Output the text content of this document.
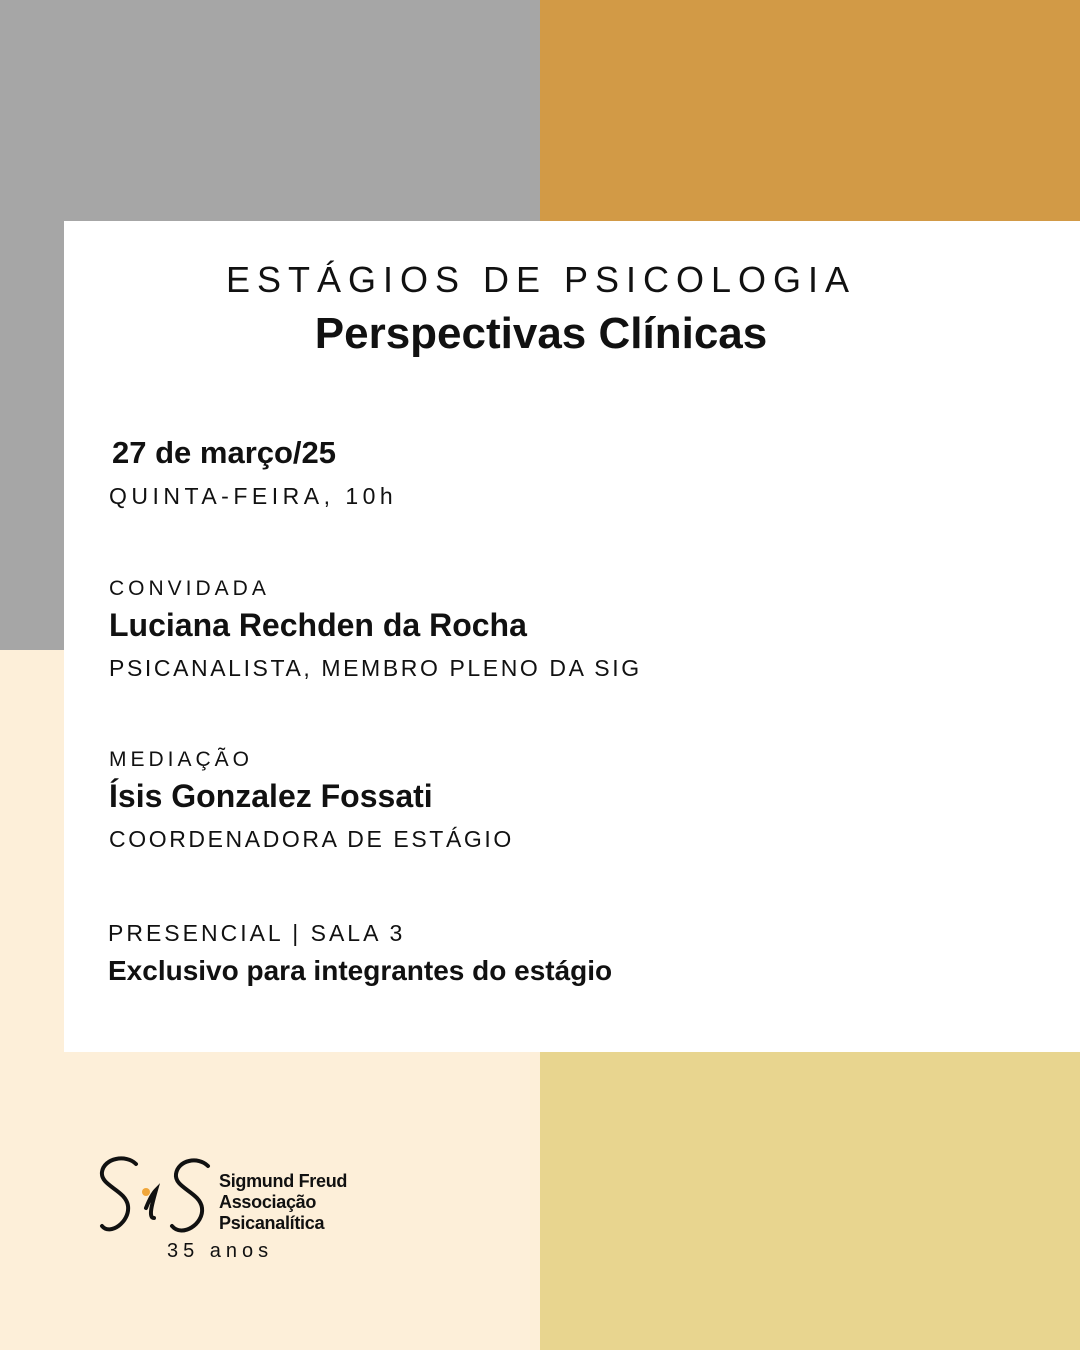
ESTÁGIOS DE PSICOLOGIA
Perspectivas Clínicas
27 de março/25
QUINTA-FEIRA, 10h
CONVIDADA
Luciana Rechden da Rocha
PSICANALISTA, MEMBRO PLENO DA SIG
MEDIAÇÃO
Ísis Gonzalez Fossati
COORDENADORA DE ESTÁGIO
PRESENCIAL | SALA 3
Exclusivo para integrantes do estágio
Sigmund Freud
Associação
Psicanalítica
35 anos
